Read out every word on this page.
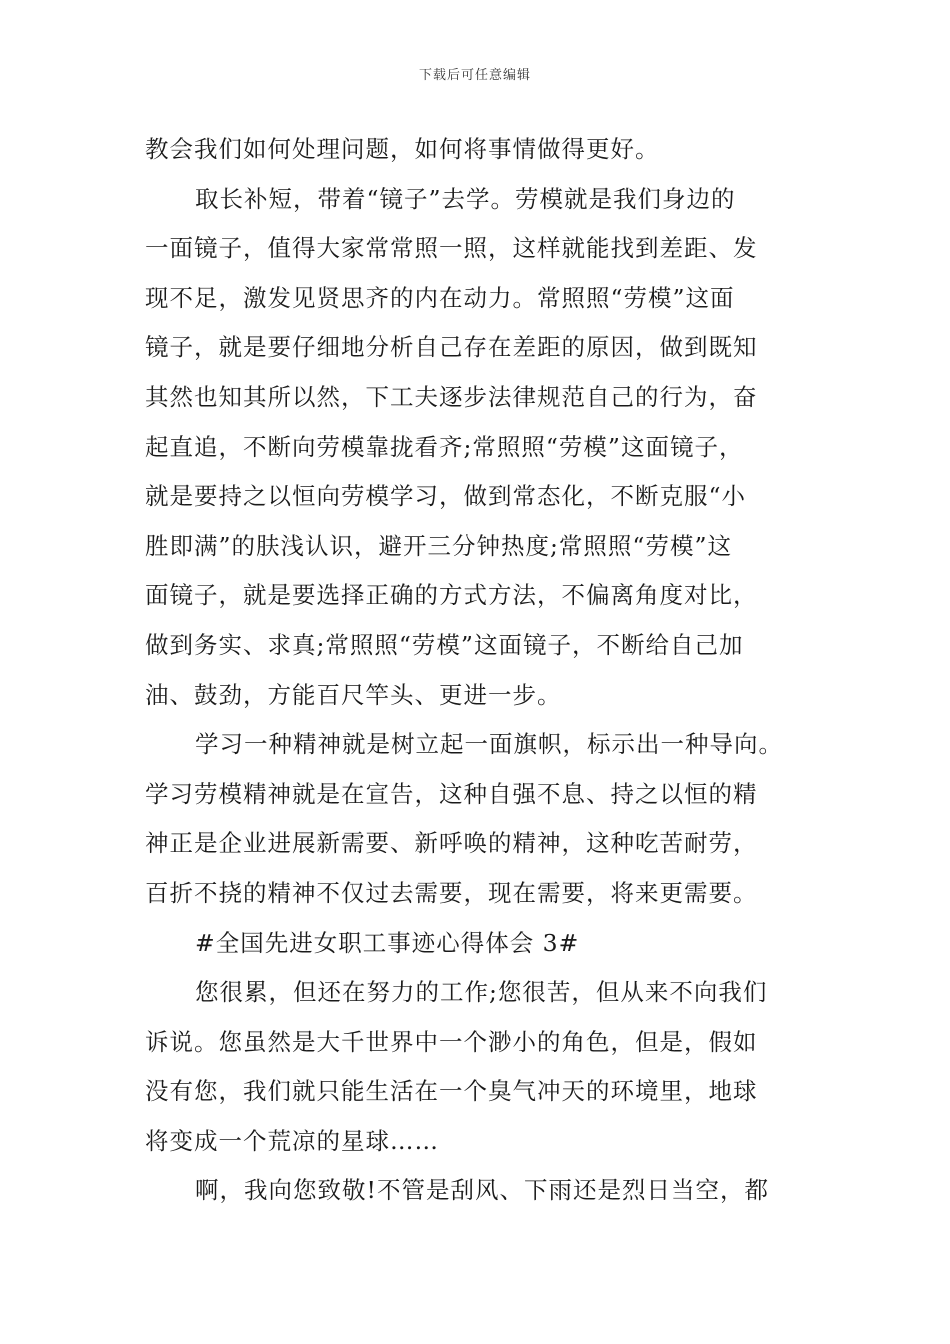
下载后可任意编辑
教会我们如何处理问题，如何将事情做得更好。
取长补短，带着“镜子”去学。劳模就是我们身边的
一面镜子，值得大家常常照一照，这样就能找到差距、发
现不足，激发见贤思齐的内在动力。常照照“劳模”这面
镜子，就是要仔细地分析自己存在差距的原因，做到既知
其然也知其所以然，下工夫逐步法律规范自己的行为，奋
起直追，不断向劳模靠拢看齐;常照照“劳模”这面镜子，
就是要持之以恒向劳模学习，做到常态化，不断克服“小
胜即满”的肤浅认识，避开三分钟热度;常照照“劳模”这
面镜子，就是要选择正确的方式方法，不偏离角度对比，
做到务实、求真;常照照“劳模”这面镜子，不断给自己加
油、鼓劲，方能百尺竿头、更进一步。
学习一种精神就是树立起一面旗帜，标示出一种导向。
学习劳模精神就是在宣告，这种自强不息、持之以恒的精
神正是企业进展新需要、新呼唤的精神，这种吃苦耐劳，
百折不挠的精神不仅过去需要，现在需要，将来更需要。
#全国先进女职工事迹心得体会 3#
您很累，但还在努力的工作;您很苦，但从来不向我们
诉说。您虽然是大千世界中一个渺小的角色，但是，假如
没有您，我们就只能生活在一个臭气冲天的环境里，地球
将变成一个荒凉的星球……
啊，我向您致敬!不管是刮风、下雨还是烈日当空，都
